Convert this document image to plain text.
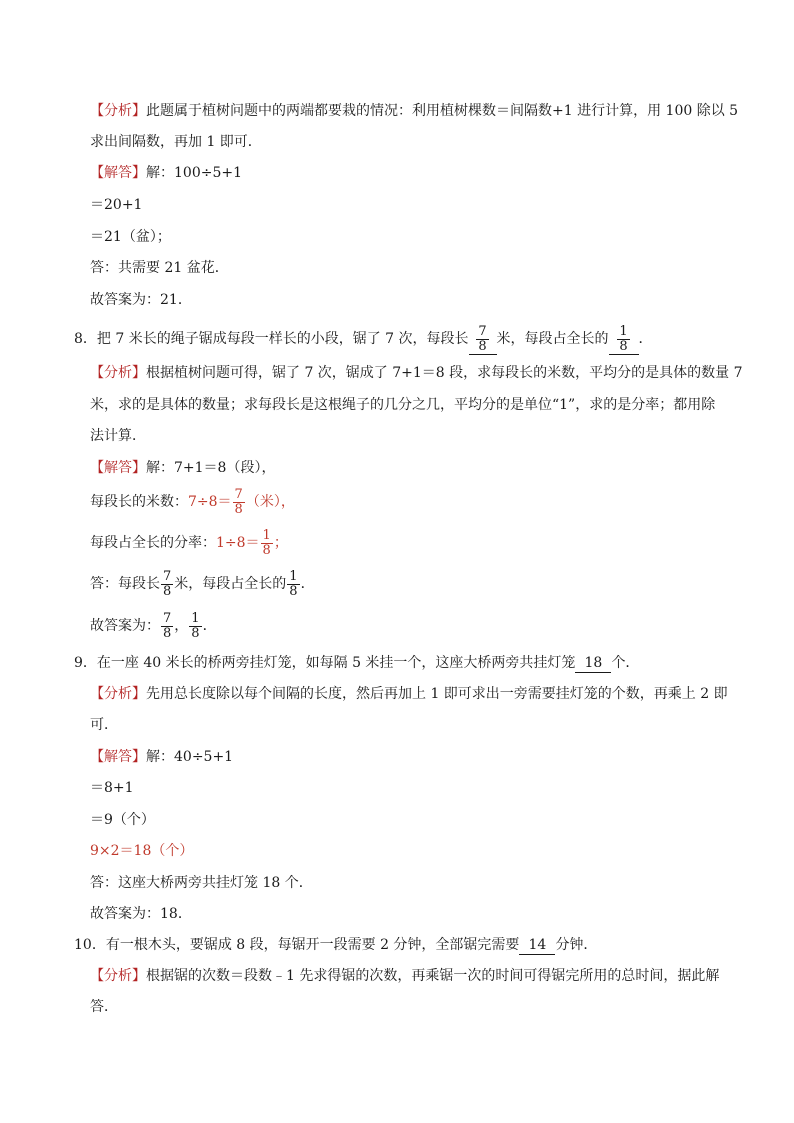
【分析】此题属于植树问题中的两端都要栽的情况：利用植树棵数＝间隔数+1 进行计算，用 100 除以 5
求出间隔数，再加 1 即可．
【解答】解：100÷5+1
＝20+1
＝21（盆）；
答：共需要 21 盆花．
故答案为：21．
8．把 7 米长的绳子锯成每段一样长的小段，锯了 7 次，每段长 $\frac{7}{8}$ 米，每段占全长的 $\frac{1}{8}$ ．
【分析】根据植树问题可得，锯了 7 次，锯成了 7+1＝8 段，求每段长的米数，平均分的是具体的数量 7
米，求的是具体的数量；求每段长是这根绳子的几分之几，平均分的是单位“1”，求的是分率；都用除
法计算．
【解答】解：7+1＝8（段），
每段长的米数：$7\div 8= \frac{7}{8}$ （米），
每段占全长的分率：$1\div 8= \frac{1}{8}$ ；
答：每段长 $\frac{7}{8}$ 米，每段占全长的 $\frac{1}{8}$ ．
故答案为： $\frac{7}{8}$ ， $\frac{1}{8}$ ．
9．在一座 40 米长的桥两旁挂灯笼，如每隔 5 米挂一个，这座大桥两旁共挂灯笼 18 个．
【分析】先用总长度除以每个间隔的长度，然后再加上 1 即可求出一旁需要挂灯笼的个数，再乘上 2 即
可．
【解答】解：40÷5+1
＝8+1
＝9（个）
9×2＝18（个）
答：这座大桥两旁共挂灯笼 18 个．
故答案为：18．
10．有一根木头，要锯成 8 段，每锯开一段需要 2 分钟，全部锯完需要 14 分钟．
【分析】根据锯的次数＝段数﹣1 先求得锯的次数，再乘锯一次的时间可得锯完所用的总时间，据此解
答．
